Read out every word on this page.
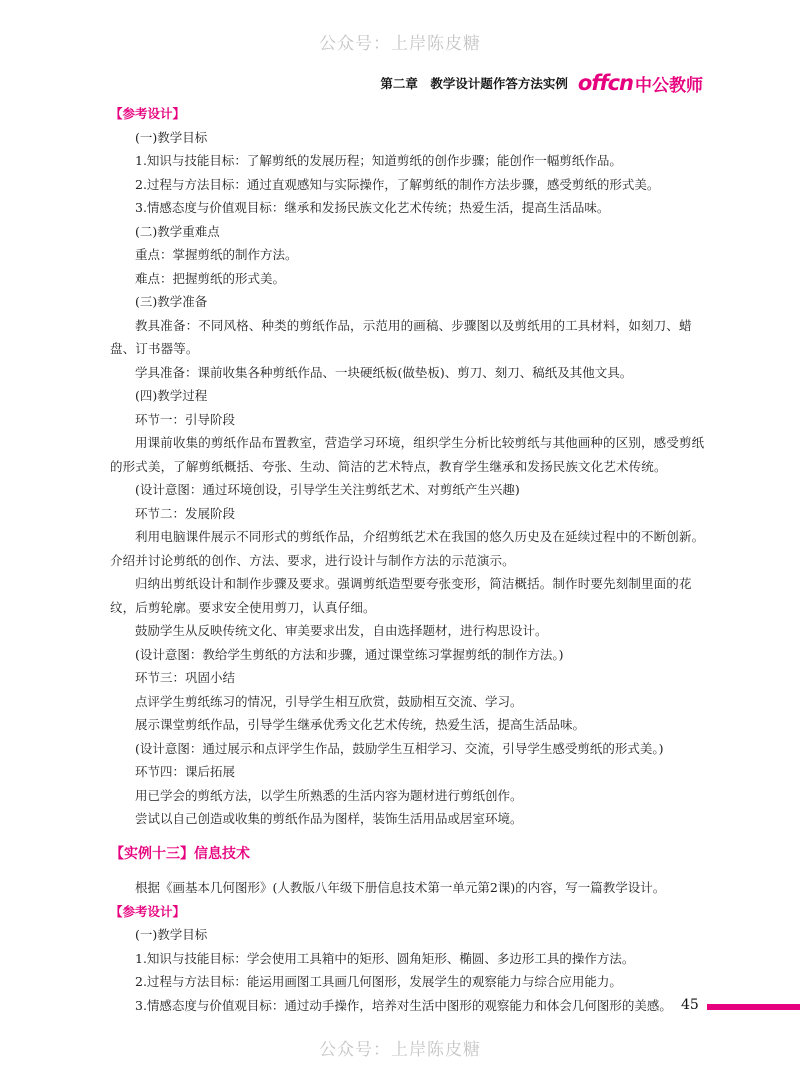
公众号：上岸陈皮糖
第二章　教学设计题作答方法实例 offcn 中公教师
【参考设计】
(一)教学目标
1.知识与技能目标：了解剪纸的发展历程；知道剪纸的创作步骤；能创作一幅剪纸作品。
2.过程与方法目标：通过直观感知与实际操作，了解剪纸的制作方法步骤，感受剪纸的形式美。
3.情感态度与价值观目标：继承和发扬民族文化艺术传统；热爱生活，提高生活品味。
(二)教学重难点
重点：掌握剪纸的制作方法。
难点：把握剪纸的形式美。
(三)教学准备
教具准备：不同风格、种类的剪纸作品，示范用的画稿、步骤图以及剪纸用的工具材料，如刻刀、蜡盘、订书器等。
学具准备：课前收集各种剪纸作品、一块硬纸板(做垫板)、剪刀、刻刀、稿纸及其他文具。
(四)教学过程
环节一：引导阶段
用课前收集的剪纸作品布置教室，营造学习环境，组织学生分析比较剪纸与其他画种的区别，感受剪纸的形式美，了解剪纸概括、夸张、生动、简洁的艺术特点，教育学生继承和发扬民族文化艺术传统。
(设计意图：通过环境创设，引导学生关注剪纸艺术、对剪纸产生兴趣)
环节二：发展阶段
利用电脑课件展示不同形式的剪纸作品，介绍剪纸艺术在我国的悠久历史及在延续过程中的不断创新。介绍并讨论剪纸的创作、方法、要求，进行设计与制作方法的示范演示。
归纳出剪纸设计和制作步骤及要求。强调剪纸造型要夸张变形，简洁概括。制作时要先刻制里面的花纹，后剪轮廓。要求安全使用剪刀，认真仔细。
鼓励学生从反映传统文化、审美要求出发，自由选择题材，进行构思设计。
(设计意图：教给学生剪纸的方法和步骤，通过课堂练习掌握剪纸的制作方法。)
环节三：巩固小结
点评学生剪纸练习的情况，引导学生相互欣赏，鼓励相互交流、学习。
展示课堂剪纸作品，引导学生继承优秀文化艺术传统，热爱生活，提高生活品味。
(设计意图：通过展示和点评学生作品，鼓励学生互相学习、交流，引导学生感受剪纸的形式美。)
环节四：课后拓展
用已学会的剪纸方法，以学生所熟悉的生活内容为题材进行剪纸创作。
尝试以自己创造或收集的剪纸作品为图样，装饰生活用品或居室环境。
【实例十三】信息技术
根据《画基本几何图形》(人教版八年级下册信息技术第一单元第2课)的内容，写一篇教学设计。
【参考设计】
(一)教学目标
1.知识与技能目标：学会使用工具箱中的矩形、圆角矩形、椭圆、多边形工具的操作方法。
2.过程与方法目标：能运用画图工具画几何图形，发展学生的观察能力与综合应用能力。
3.情感态度与价值观目标：通过动手操作，培养对生活中图形的观察能力和体会几何图形的美感。 45
公众号：上岸陈皮糖
